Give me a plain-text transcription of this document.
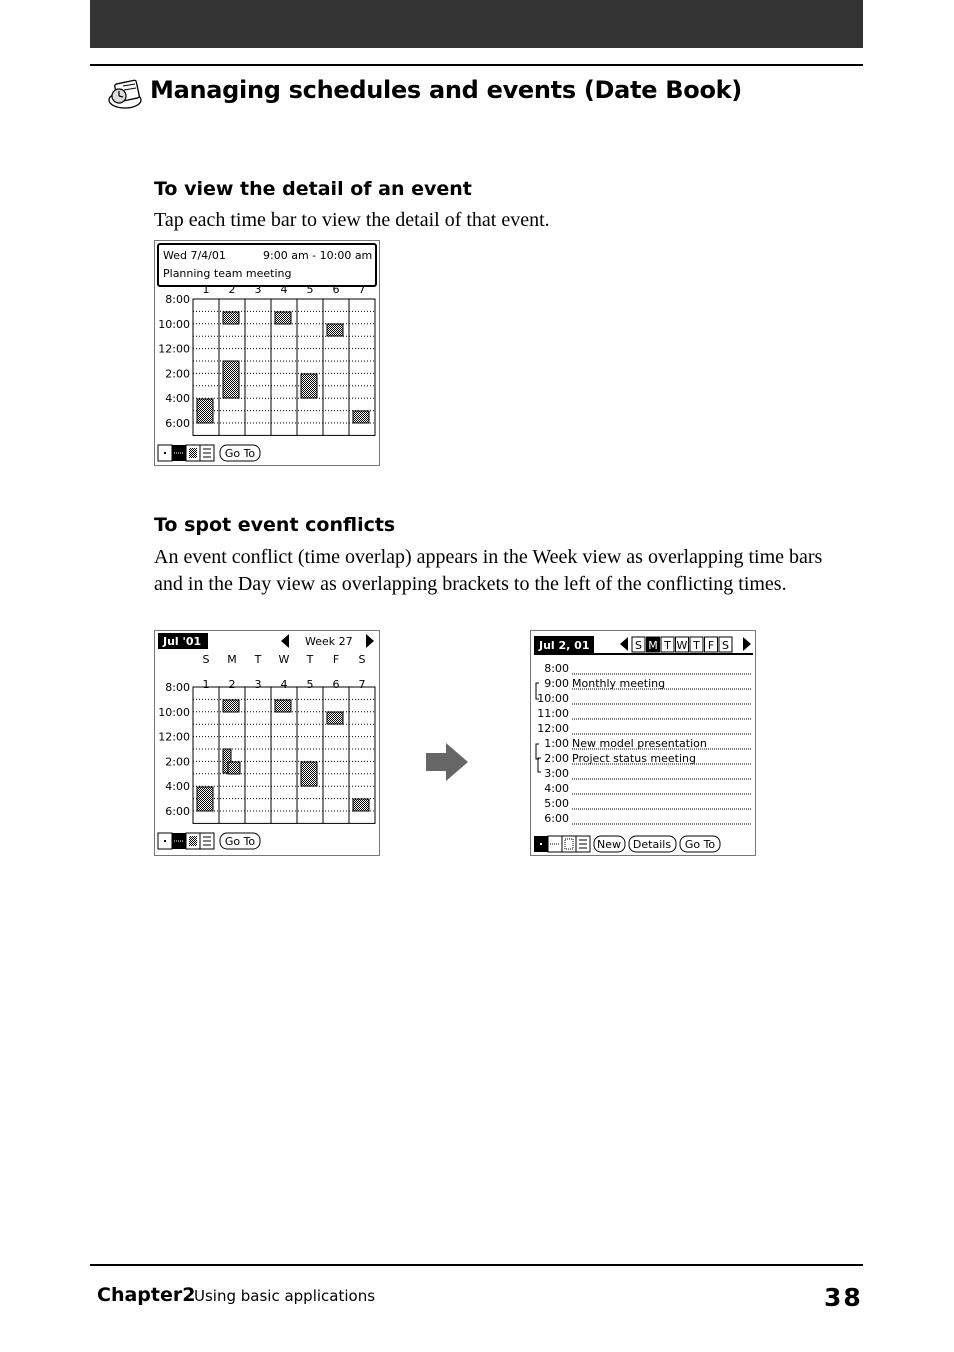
Managing schedules and events (Date Book)
To view the detail of an event
Tap each time bar to view the detail of that event.
Wed 7/4/01	9:00 am - 10:00 am
Planning team meeting
1 2 3 4 5 6 7
8:00
10:00
12:00
2:00
4:00
6:00
Go To
To spot event conflicts
An event conflict (time overlap) appears in the Week view as overlapping time bars and in the Day view as overlapping brackets to the left of the conflicting times.
Jul '01	Week 27
S M T W T F S
1 2 3 4 5 6 7
8:00
10:00
12:00
2:00
4:00
6:00
Go To
Jul 2, 01	S M T W T F S
8:00
9:00 Monthly meeting
10:00
11:00
12:00
1:00 New model presentation
2:00 Project status meeting
3:00
4:00
5:00
6:00
New Details Go To
Chapter2
Using basic applications	38
